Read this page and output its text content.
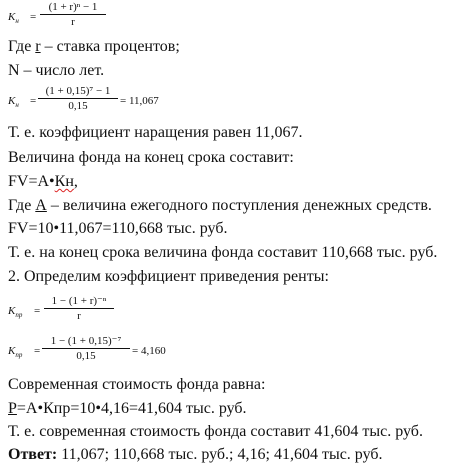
$K_н$ =
(1 + r)ⁿ − 1
r
Где r – ставка процентов;
N – число лет.
$K_н$ =
(1 + 0,15)⁷ − 1
0,15	= 11,067
Т. е. коэффициент наращения равен 11,067.
Величина фонда на конец срока составит:
FV=A•Кн,
Где А – величина ежегодного поступления денежных средств.
FV=10•11,067=110,668 тыс. руб.
Т. е. на конец срока величина фонда составит 110,668 тыс. руб.
2. Определим коэффициент приведения ренты:
$K_{пр}$ =
1 − (1 + r)⁻ⁿ
r
$K_{пр}$ =
1 − (1 + 0,15)⁻⁷
0,15	= 4,160
Современная стоимость фонда равна:
P=A•Кпр=10•4,16=41,604 тыс. руб.
Т. е. современная стоимость фонда составит 41,604 тыс. руб.
Ответ: 11,067; 110,668 тыс. руб.; 4,16; 41,604 тыс. руб.
